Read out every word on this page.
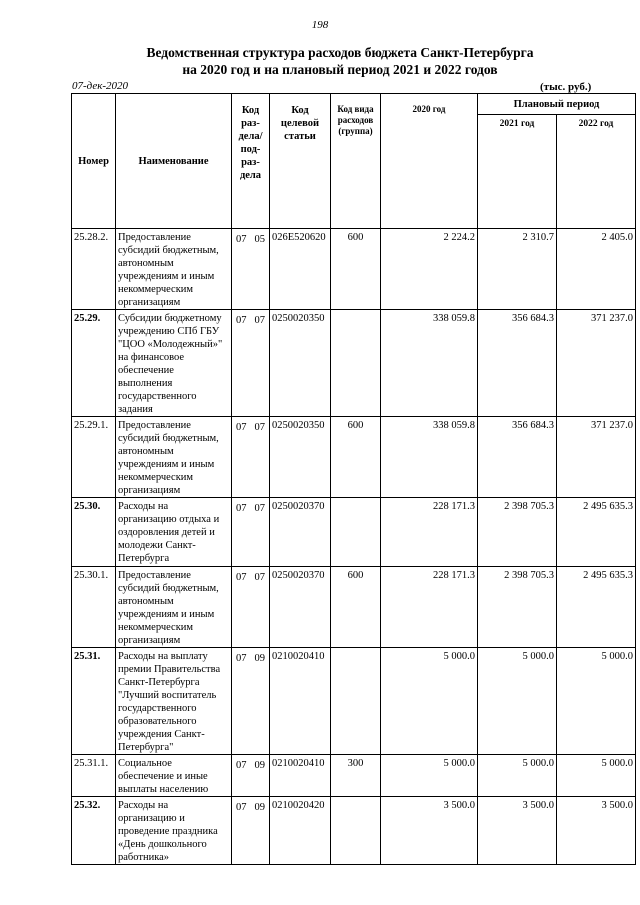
198
Ведомственная структура расходов бюджета Санкт-Петербурга
на 2020 год и на плановый период 2021 и 2022 годов
07-дек-2020	(тыс. руб.)
Номер	Наименование	Код раз- дела/ под- раз- дела	Код целевой статьи	Код вида расходов (группа)	2020 год	Плановый период	
						2021 год	2022 год
25.28.2.	Предоставление субсидий бюджетным, автономным учреждениям и иным некоммерческим организациям	07 05	026Е520620	600	2 224.2	2 310.7	2 405.0
25.29.	Субсидии бюджетному учреждению СПб ГБУ "ЦОО «Молодежный»" на финансовое обеспечение выполнения государственного задания	07 07	0250020350		338 059.8	356 684.3	371 237.0
25.29.1.	Предоставление субсидий бюджетным, автономным учреждениям и иным некоммерческим организациям	07 07	0250020350	600	338 059.8	356 684.3	371 237.0
25.30.	Расходы на организацию отдыха и оздоровления детей и молодежи Санкт-Петербурга	07 07	0250020370		228 171.3	2 398 705.3	2 495 635.3
25.30.1.	Предоставление субсидий бюджетным, автономным учреждениям и иным некоммерческим организациям	07 07	0250020370	600	228 171.3	2 398 705.3	2 495 635.3
25.31.	Расходы на выплату премии Правительства Санкт-Петербурга "Лучший воспитатель государственного образовательного учреждения Санкт-Петербурга"	07 09	0210020410		5 000.0	5 000.0	5 000.0
25.31.1.	Социальное обеспечение и иные выплаты населению	07 09	0210020410	300	5 000.0	5 000.0	5 000.0
25.32.	Расходы на организацию и проведение праздника «День дошкольного работника»	07 09	0210020420		3 500.0	3 500.0	3 500.0
